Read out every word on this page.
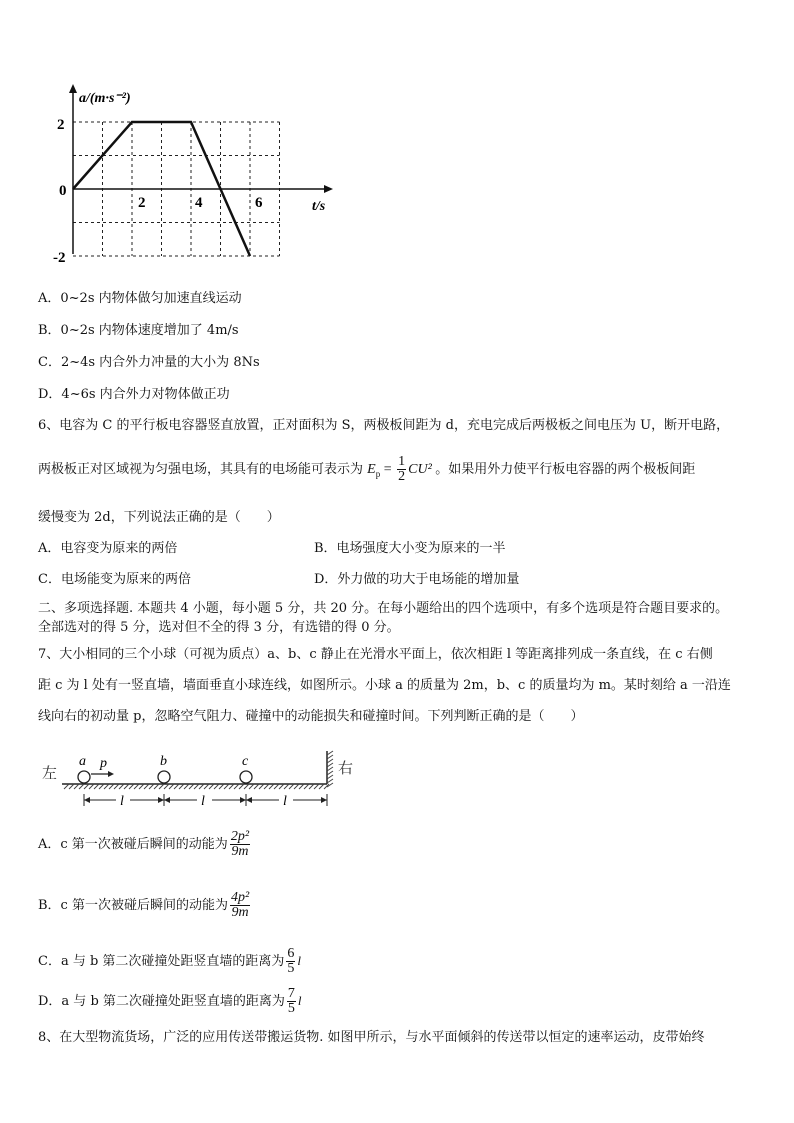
a/(m·s⁻²)
t/s
2
0
-2
2	4	6
A．0~2s 内物体做匀加速直线运动
B．0~2s 内物体速度增加了 4m/s
C．2~4s 内合外力冲量的大小为 8Ns
D．4~6s 内合外力对物体做正功
6、电容为 C 的平行板电容器竖直放置，正对面积为 S，两极板间距为 d，充电完成后两极板之间电压为 U，断开电路，
两极板正对区域视为匀强电场，其具有的电场能可表示为 $E_p = \frac{1}{2} CU^2$ 。如果用外力使平行板电容器的两个极板间距
缓慢变为 2d，下列说法正确的是（　　）
A．电容变为原来的两倍	B．电场强度大小变为原来的一半
C．电场能变为原来的两倍	D．外力做的功大于电场能的增加量
二、多项选择题. 本题共 4 小题，每小题 5 分，共 20 分。在每小题给出的四个选项中，有多个选项是符合题目要求的。
全部选对的得 5 分，选对但不全的得 3 分，有选错的得 0 分。
7、大小相同的三个小球（可视为质点）a、b、c 静止在光滑水平面上，依次相距 l 等距离排列成一条直线，在 c 右侧
距 c 为 l 处有一竖直墙，墙面垂直小球连线，如图所示。小球 a 的质量为 2m，b、c 的质量均为 m。某时刻给 a 一沿连
线向右的初动量 p，忽略空气阻力、碰撞中的动能损失和碰撞时间。下列判断正确的是（　　）
左	右
a	b	c
p
l	l	l
A．c 第一次被碰后瞬间的动能为 $\frac{\text{2p²}}{9m}$
B．c 第一次被碰后瞬间的动能为 $\frac{\text{4p²}}{9m}$
C．a 与 b 第二次碰撞处距竖直墙的距离为 $\frac{6}{5}$ l
D．a 与 b 第二次碰撞处距竖直墙的距离为 $\frac{7}{5}$ l
8、在大型物流货场，广泛的应用传送带搬运货物. 如图甲所示，与水平面倾斜的传送带以恒定的速率运动，皮带始终
